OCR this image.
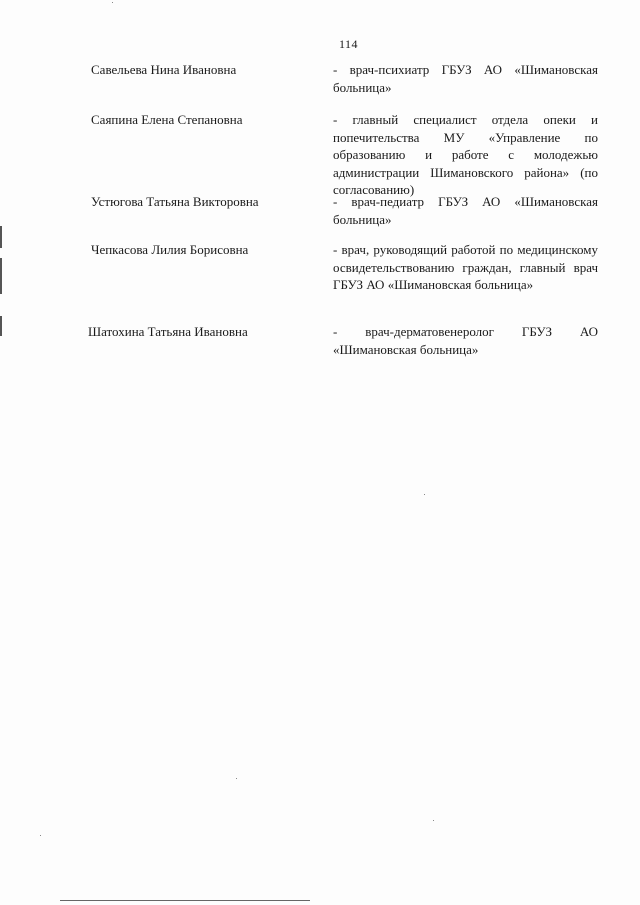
114
Савельева Нина Ивановна	- врач-психиатр ГБУЗ АО «Шимановская больница»
Саяпина Елена Степановна	- главный специалист отдела опеки и попечительства МУ «Управление по образованию и работе с молодежью администрации Шимановского района» (по согласованию)
Устюгова Татьяна Викторовна	- врач-педиатр ГБУЗ АО «Шимановская больница»
Чепкасова Лилия Борисовна	- врач, руководящий работой по медицинскому освидетельствованию граждан, главный врач ГБУЗ АО «Шимановская больница»
Шатохина Татьяна Ивановна	- врач-дерматовенеролог ГБУЗ АО «Шимановская больница»
